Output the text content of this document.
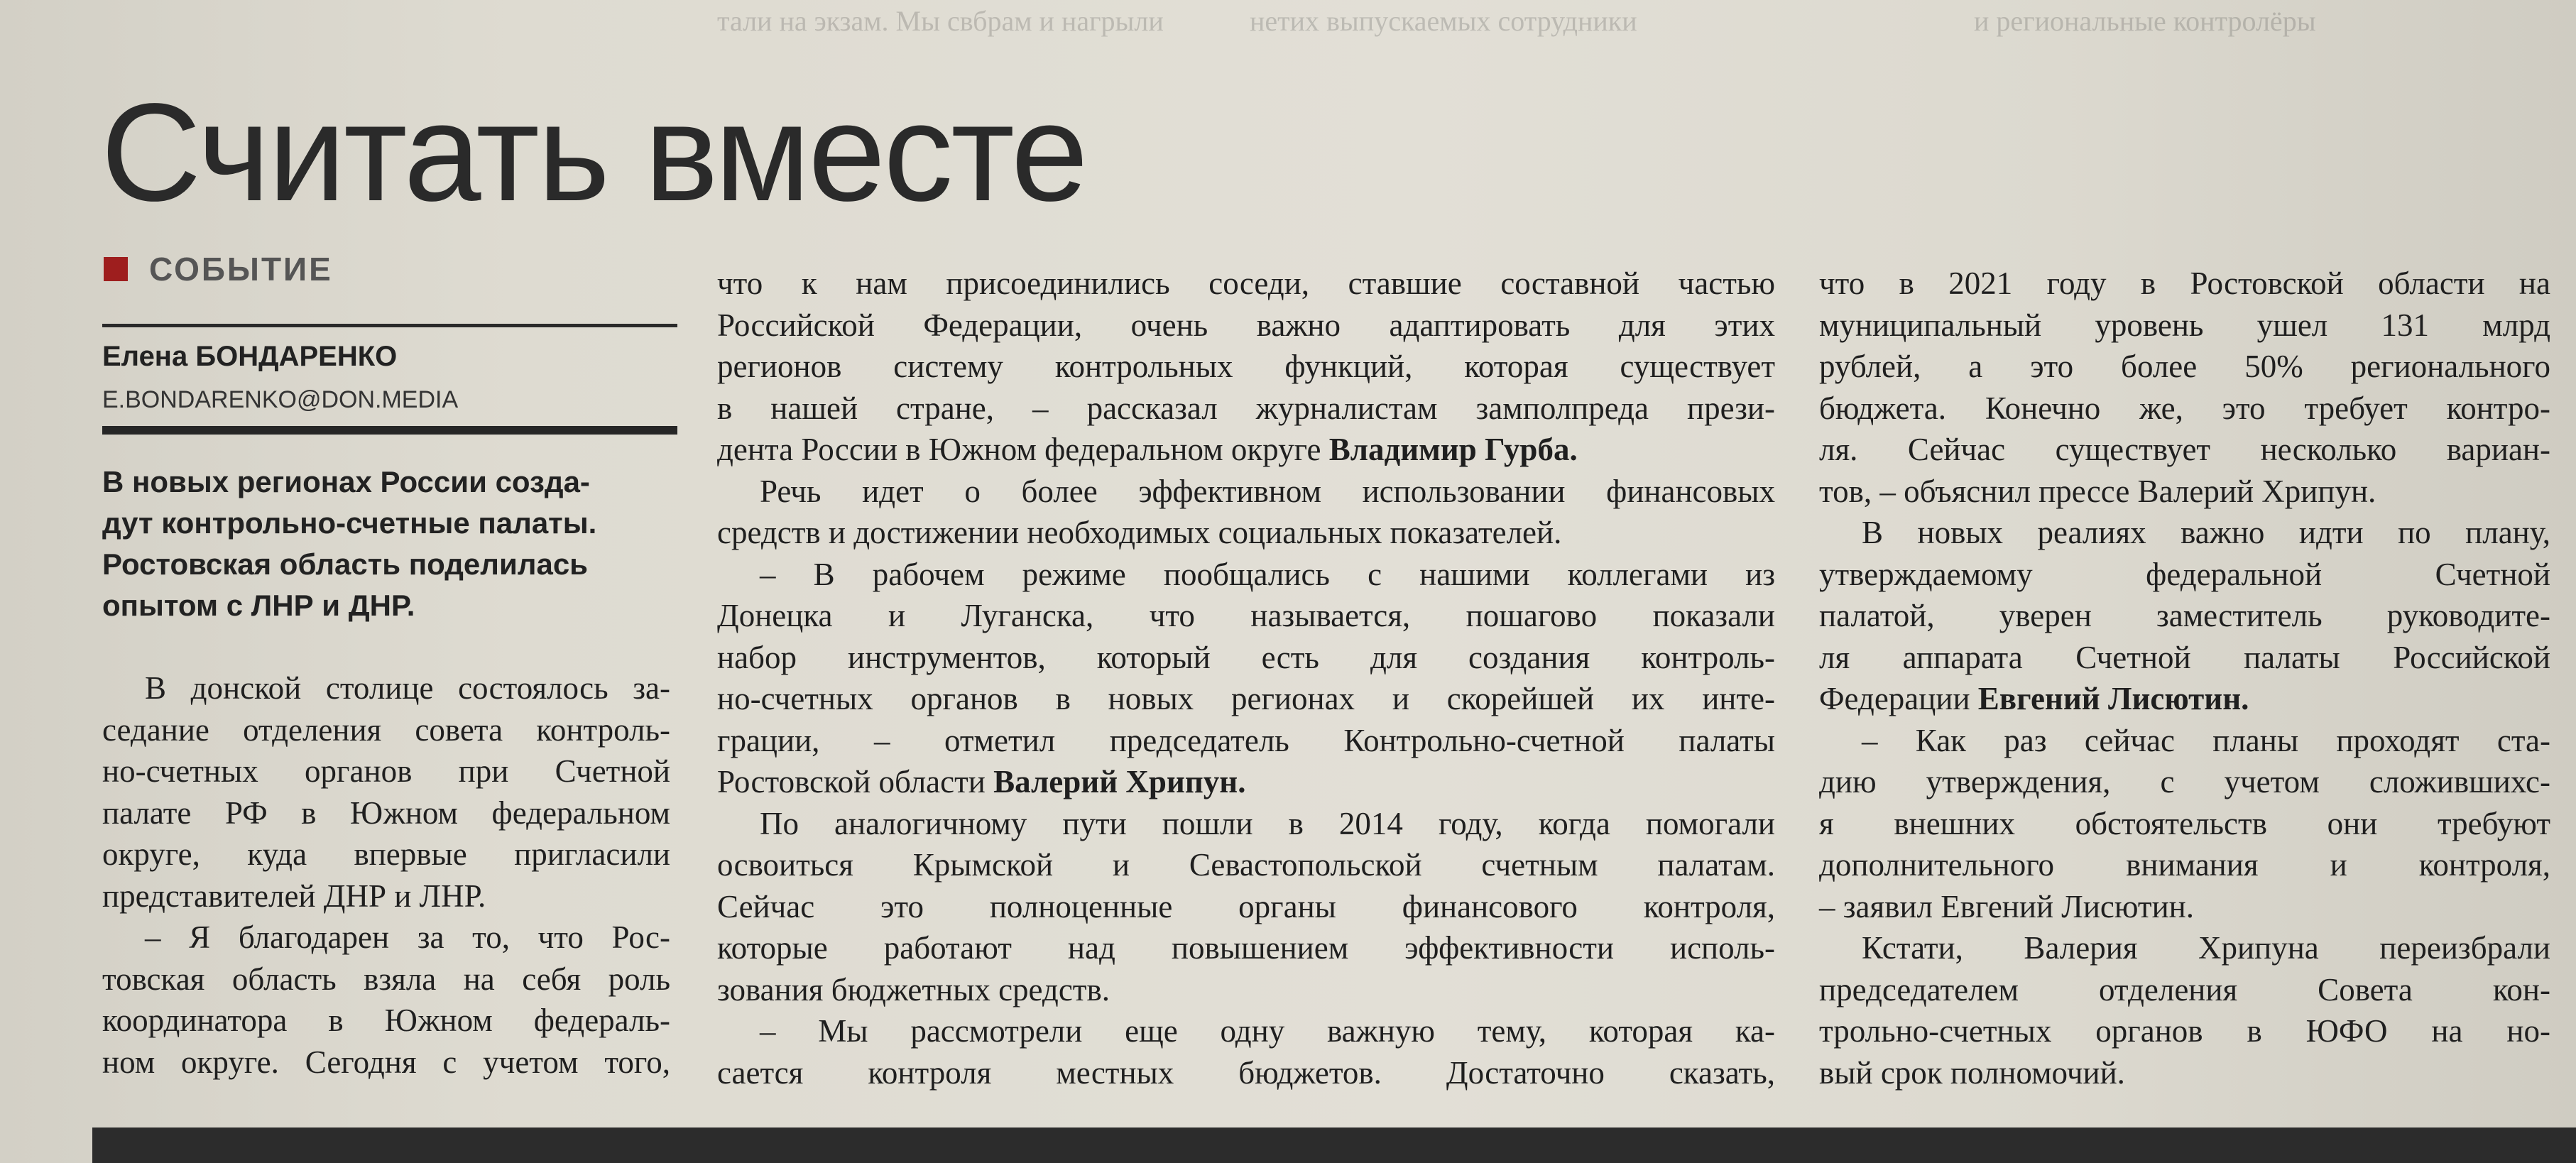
тали на экзам. Мы свбрам и нагрыли	нетих выпускаемых сотрудники	и региональные контролёры
Считать вместе
СОБЫТИЕ
Елена БОНДАРЕНКО
E.BONDARENKO@DON.MEDIA
В новых регионах России созда-
дут контрольно-счетные палаты.
Ростовская область поделилась
опытом с ЛНР и ДНР.
В донской столице состоялось за-
седание отделения совета контроль-
но-счетных органов при Счетной
палате РФ в Южном федеральном
округе, куда впервые пригласили
представителей ДНР и ЛНР.
– Я благодарен за то, что Рос-
товская область взяла на себя роль
координатора в Южном федераль-
ном округе. Сегодня с учетом того,
что к нам присоединились соседи, ставшие составной частью
Российской Федерации, очень важно адаптировать для этих
регионов систему контрольных функций, которая существует
в нашей стране, – рассказал журналистам замполпреда прези-
дента России в Южном федеральном округе Владимир Гурба.
Речь идет о более эффективном использовании финансовых
средств и достижении необходимых социальных показателей.
– В рабочем режиме пообщались с нашими коллегами из
Донецка и Луганска, что называется, пошагово показали
набор инструментов, который есть для создания контроль-
но-счетных органов в новых регионах и скорейшей их инте-
грации, – отметил председатель Контрольно-счетной палаты
Ростовской области Валерий Хрипун.
По аналогичному пути пошли в 2014 году, когда помогали
освоиться Крымской и Севастопольской счетным палатам.
Сейчас это полноценные органы финансового контроля,
которые работают над повышением эффективности исполь-
зования бюджетных средств.
– Мы рассмотрели еще одну важную тему, которая ка-
сается контроля местных бюджетов. Достаточно сказать,
что в 2021 году в Ростовской области на
муниципальный уровень ушел 131 млрд
рублей, а это более 50% регионального
бюджета. Конечно же, это требует контро-
ля. Сейчас существует несколько вариан-
тов, – объяснил прессе Валерий Хрипун.
В новых реалиях важно идти по плану,
утверждаемому федеральной Счетной
палатой, уверен заместитель руководите-
ля аппарата Счетной палаты Российской
Федерации Евгений Лисютин.
– Как раз сейчас планы проходят ста-
дию утверждения, с учетом сложившихс-
я внешних обстоятельств они требуют
дополнительного внимания и контроля,
– заявил Евгений Лисютин.
Кстати, Валерия Хрипуна переизбрали
председателем отделения Совета кон-
трольно-счетных органов в ЮФО на но-
вый срок полномочий.
